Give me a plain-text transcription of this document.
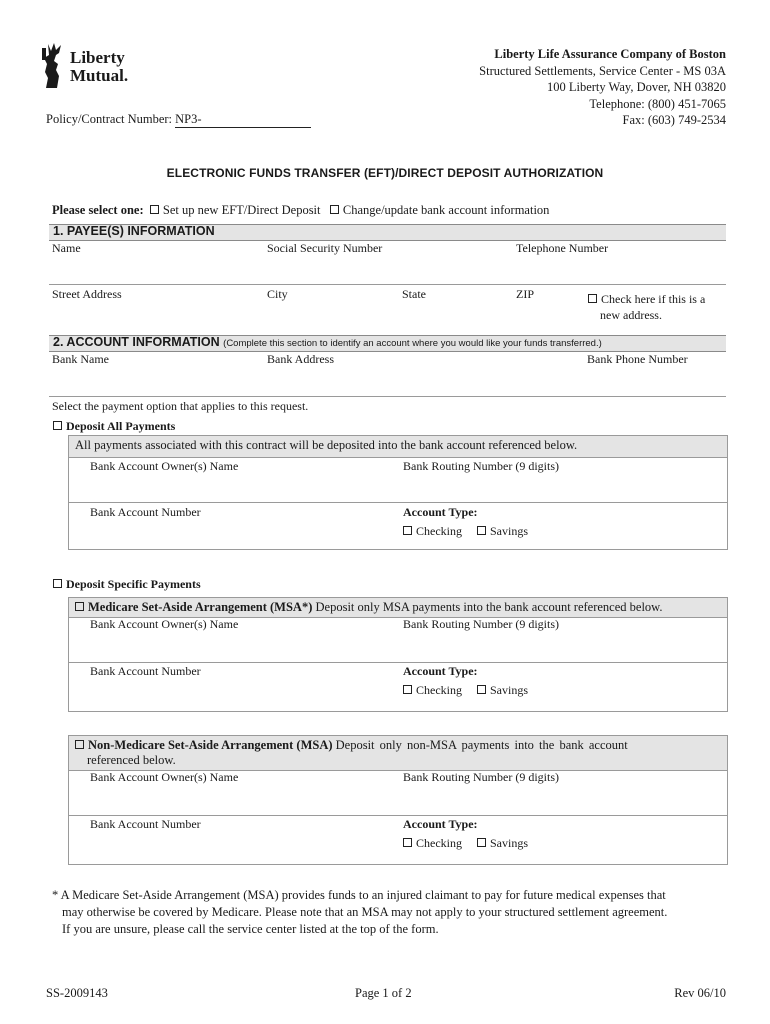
Liberty
Mutual.
Liberty Life Assurance Company of Boston
Structured Settlements, Service Center - MS 03A
100 Liberty Way, Dover, NH 03820
Telephone: (800) 451-7065
Fax: (603) 749-2534
Policy/Contract Number: NP3-
ELECTRONIC FUNDS TRANSFER (EFT)/DIRECT DEPOSIT AUTHORIZATION
Please select one: Set up new EFT/Direct Deposit Change/update bank account information
1. PAYEE(S) INFORMATION
Name	Social Security Number	Telephone Number
Street Address	City	State	ZIP	Check here if this is a
new address.
2. ACCOUNT INFORMATION (Complete this section to identify an account where you would like your funds transferred.)
Bank Name	Bank Address	Bank Phone Number
Select the payment option that applies to this request.
Deposit All Payments
All payments associated with this contract will be deposited into the bank account referenced below.
Bank Account Owner(s) Name	Bank Routing Number (9 digits)
Bank Account Number	Account Type:
Checking Savings
Deposit Specific Payments
Medicare Set-Aside Arrangement (MSA*) Deposit only MSA payments into the bank account referenced below.
Bank Account Owner(s) Name	Bank Routing Number (9 digits)
Bank Account Number	Account Type:
Checking Savings
Non-Medicare Set-Aside Arrangement (MSA) Deposit only non-MSA payments into the bank account
referenced below.
Bank Account Owner(s) Name	Bank Routing Number (9 digits)
Bank Account Number	Account Type:
Checking Savings
* A Medicare Set-Aside Arrangement (MSA) provides funds to an injured claimant to pay for future medical expenses that
may otherwise be covered by Medicare. Please note that an MSA may not apply to your structured settlement agreement.
If you are unsure, please call the service center listed at the top of the form.
SS-2009143	Page 1 of 2	Rev 06/10
